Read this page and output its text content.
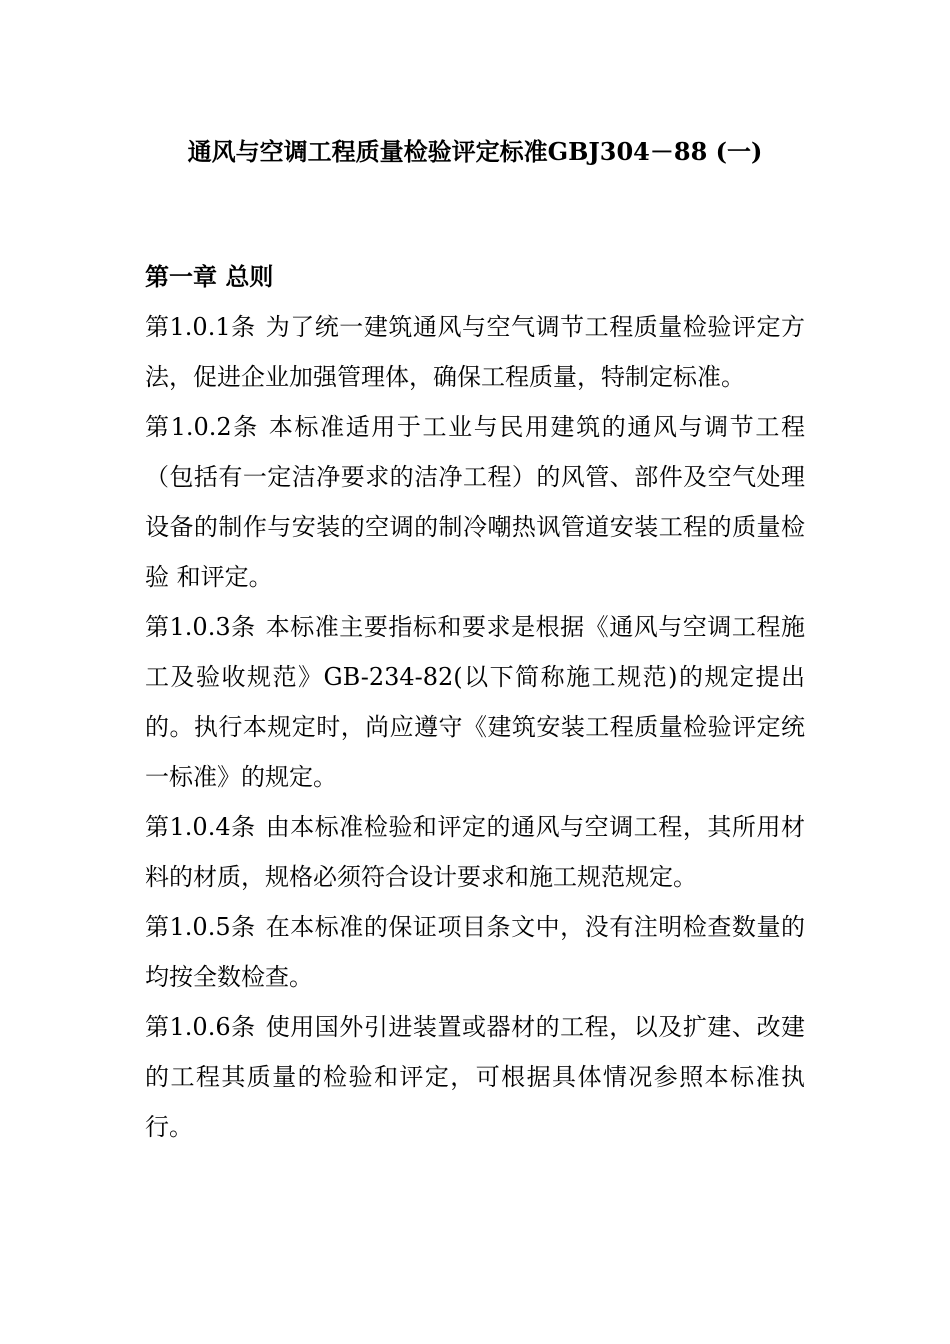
通风与空调工程质量检验评定标准GBJ304－88 (一)
第一章 总则

第1.0.1条 为了统一建筑通风与空气调节工程质量检验评定方法，促进企业加强管理体，确保工程质量，特制定标准。

第1.0.2条 本标准适用于工业与民用建筑的通风与调节工程（包括有一定洁净要求的洁净工程）的风管、部件及空气处理设备的制作与安装的空调的制冷嘲热讽管道安装工程的质量检验 和评定。

第1.0.3条 本标准主要指标和要求是根据《通风与空调工程施工及验收规范》GB-234-82(以下简称施工规范)的规定提出的。执行本规定时，尚应遵守《建筑安装工程质量检验评定统一标准》的规定。

第1.0.4条 由本标准检验和评定的通风与空调工程，其所用材料的材质，规格必须符合设计要求和施工规范规定。

第1.0.5条 在本标准的保证项目条文中，没有注明检查数量的均按全数检查。

第1.0.6条 使用国外引进装置或器材的工程，以及扩建、改建的工程其质量的检验和评定，可根据具体情况参照本标准执行。
